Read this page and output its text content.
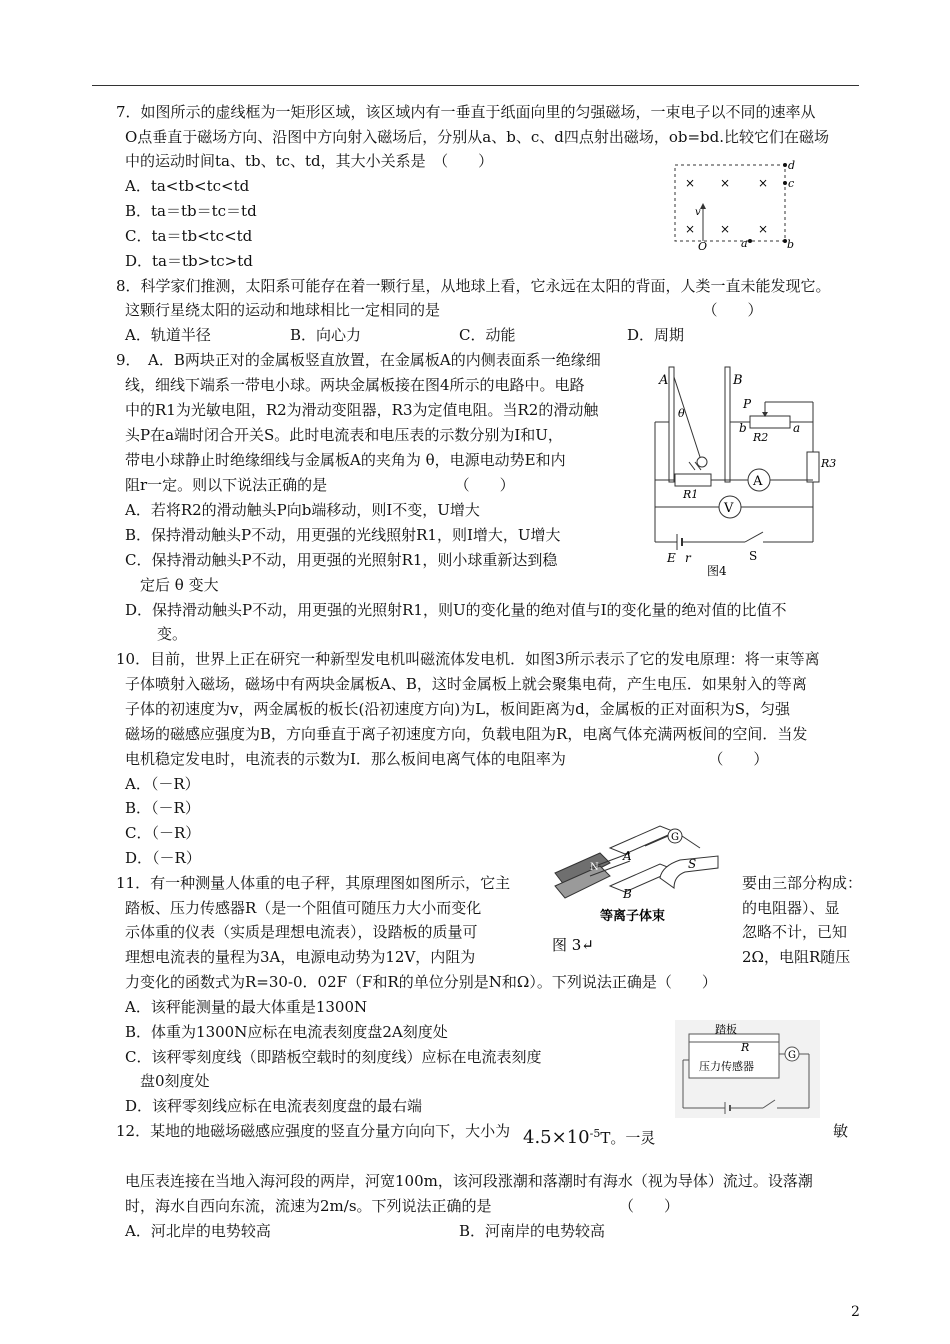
7．如图所示的虚线框为一矩形区域，该区域内有一垂直于纸面向里的匀强磁场，一束电子以不同的速率从
O点垂直于磁场方向、沿图中方向射入磁场后，分别从a、b、c、d四点射出磁场，ob=bd.比较它们在磁场
中的运动时间ta、tb、tc、td，其大小关系是　（　　）
A．ta<tb<tc<td
B．ta＝tb＝tc＝td
C．ta＝tb<tc<td
D．ta＝tb>tc>td
× × ×
×
×	×
v
d
c
a	b
O
8．科学家们推测，太阳系可能存在着一颗行星，从地球上看，它永远在太阳的背面，人类一直未能发现它。
这颗行星绕太阳的运动和地球相比一定相同的是　　　　　　　　　　　　　　　　　　（　　）
A．轨道半径	B．向心力	C．动能	D．周期
9．　A．B两块正对的金属板竖直放置，在金属板A的内侧表面系一绝缘细
线，细线下端系一带电小球。两块金属板接在图4所示的电路中。电路
中的R1为光敏电阻，R2为滑动变阻器，R3为定值电阻。当R2的滑动触
头P在a端时闭合开关S。此时电流表和电压表的示数分别为I和U，
带电小球静止时绝缘细线与金属板A的夹角为 θ，电源电动势E和内
阻r一定。则以下说法正确的是　　　　　　　　　（　　）
A．若将R2的滑动触头P向b端移动，则I不变，U增大
B．保持滑动触头P不动，用更强的光线照射R1，则I增大，U增大
C．保持滑动触头P不动，用更强的光照射R1，则小球重新达到稳
定后 θ 变大
D．保持滑动触头P不动，用更强的光照射R1，则U的变化量的绝对值与I的变化量的绝对值的比值不
变。
A	B
θ
P
b
R2
a
R3
R1
A
V
E r	S
图4
10．目前，世界上正在研究一种新型发电机叫磁流体发电机．如图3所示表示了它的发电原理：将一束等离
子体喷射入磁场，磁场中有两块金属板A、B，这时金属板上就会聚集电荷，产生电压．如果射入的等离
子体的初速度为v，两金属板的板长(沿初速度方向)为L，板间距离为d，金属板的正对面积为S，匀强
磁场的磁感应强度为B，方向垂直于离子初速度方向，负载电阻为R，电离气体充满两板间的空间．当发
电机稳定发电时，电流表的示数为I．那么板间电离气体的电阻率为　　　　　　　　　　（　　）
A．（－R）
B．（－R）
C．（－R）
D．（－R）	A
B
N
G
S
等离子体束
图 3↵
11．有一种测量人体重的电子秤，其原理图如图所示，它主
踏板、压力传感器R（是一个阻值可随压力大小而变化
示体重的仪表（实质是理想电流表），设踏板的质量可
理想电流表的量程为3A，电源电动势为12V，内阻为
要由三部分构成：
的电阻器）、显
忽略不计，已知
2Ω，电阻R随压
力变化的函数式为R=30-0．02F（F和R的单位分别是N和Ω）。下列说法正确是（　　）
A．该秤能测量的最大体重是1300N
B．体重为1300N应标在电流表刻度盘2A刻度处
C．该秤零刻度线（即踏板空载时的刻度线）应标在电流表刻度
盘0刻度处
D．该秤零刻线应标在电流表刻度盘的最右端
踏板
R
压力传感器
G
12．某地的地磁场磁感应强度的竖直分量方向向下，大小为 $4.5\times 10^{-5}T$。一灵	敏
电压表连接在当地入海河段的两岸，河宽100m，该河段涨潮和落潮时有海水（视为导体）流过。设落潮
时，海水自西向东流，流速为2m/s。下列说法正确的是　　　　　　　　　（　　）
A．河北岸的电势较高	B．河南岸的电势较高
2
